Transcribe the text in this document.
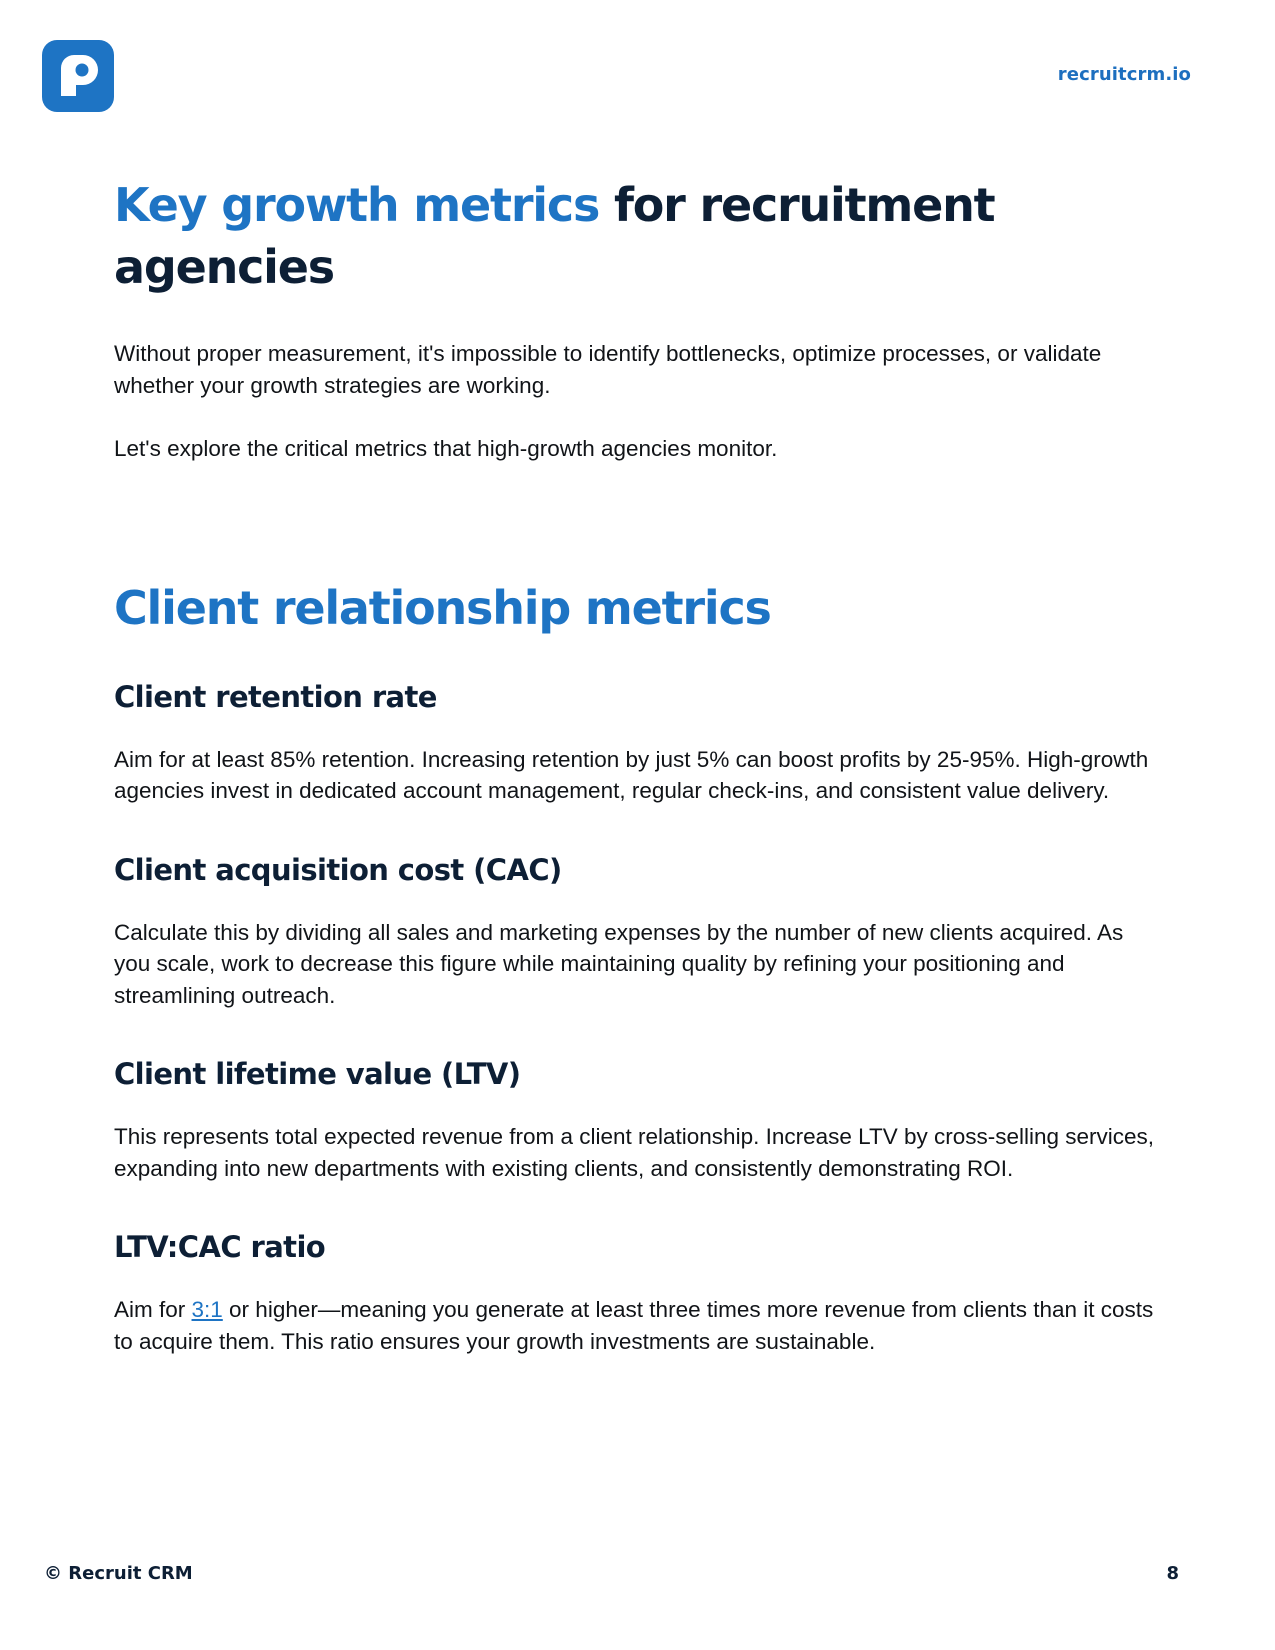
recruitcrm.io
Key growth metrics for recruitment agencies

Without proper measurement, it's impossible to identify bottlenecks, optimize processes, or validate whether your growth strategies are working.

Let's explore the critical metrics that high-growth agencies monitor.

Client relationship metrics
Client retention rate

Aim for at least 85% retention. Increasing retention by just 5% can boost profits by 25-95%. High-growth agencies invest in dedicated account management, regular check-ins, and consistent value delivery.

Client acquisition cost (CAC)

Calculate this by dividing all sales and marketing expenses by the number of new clients acquired. As you scale, work to decrease this figure while maintaining quality by refining your positioning and streamlining outreach.

Client lifetime value (LTV)

This represents total expected revenue from a client relationship. Increase LTV by cross-selling services, expanding into new departments with existing clients, and consistently demonstrating ROI.

LTV:CAC ratio

Aim for 3:1 or higher—meaning you generate at least three times more revenue from clients than it costs to acquire them. This ratio ensures your growth investments are sustainable.

© Recruit CRM	8
